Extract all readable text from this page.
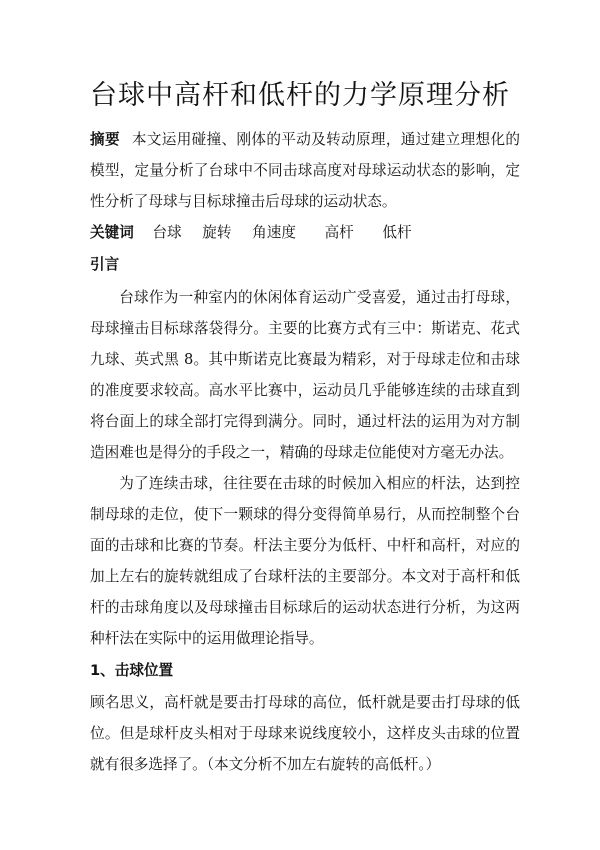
台球中高杆和低杆的力学原理分析
摘要 本文运用碰撞、刚体的平动及转动原理，通过建立理想化的模型，定量分析了台球中不同击球高度对母球运动状态的影响，定性分析了母球与目标球撞击后母球的运动状态。
关键词 台球 旋转 角速度 高杆 低杆
引言
台球作为一种室内的休闲体育运动广受喜爱，通过击打母球，母球撞击目标球落袋得分。主要的比赛方式有三中：斯诺克、花式九球、英式黑 8。其中斯诺克比赛最为精彩，对于母球走位和击球的准度要求较高。高水平比赛中，运动员几乎能够连续的击球直到将台面上的球全部打完得到满分。同时，通过杆法的运用为对方制造困难也是得分的手段之一，精确的母球走位能使对方毫无办法。
为了连续击球，往往要在击球的时候加入相应的杆法，达到控制母球的走位，使下一颗球的得分变得简单易行，从而控制整个台面的击球和比赛的节奏。杆法主要分为低杆、中杆和高杆，对应的加上左右的旋转就组成了台球杆法的主要部分。本文对于高杆和低杆的击球角度以及母球撞击目标球后的运动状态进行分析，为这两种杆法在实际中的运用做理论指导。
1、击球位置
顾名思义，高杆就是要击打母球的高位，低杆就是要击打母球的低位。但是球杆皮头相对于母球来说线度较小，这样皮头击球的位置就有很多选择了。（本文分析不加左右旋转的高低杆。）
